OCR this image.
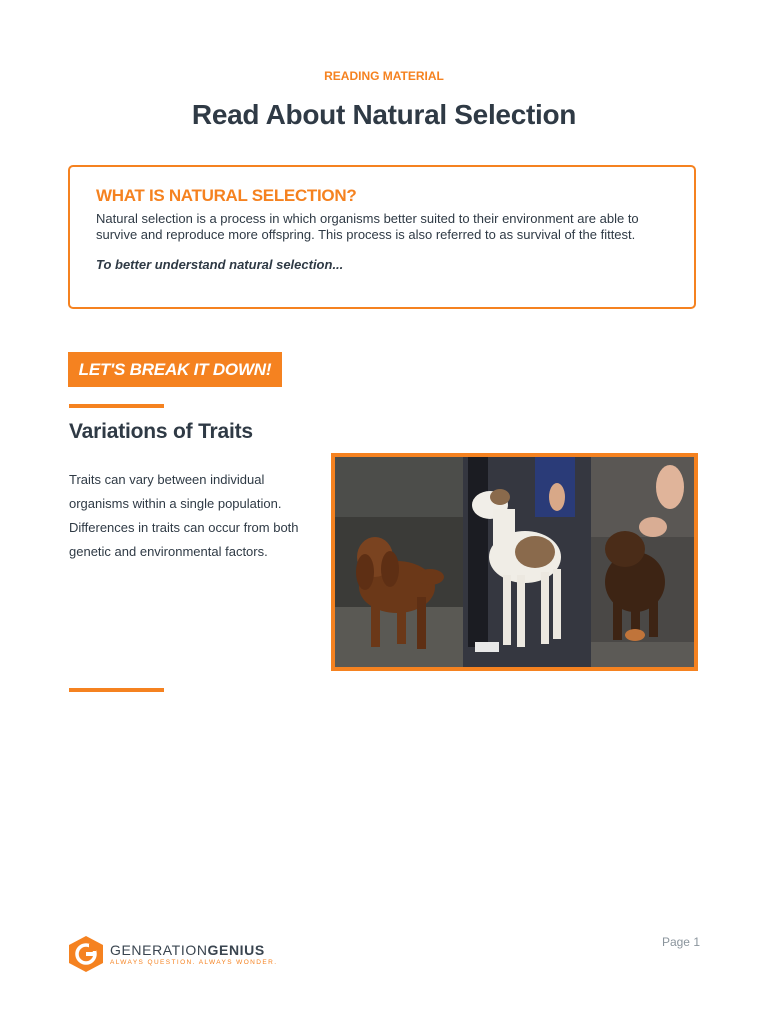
READING MATERIAL
Read About Natural Selection

WHAT IS NATURAL SELECTION?

Natural selection is a process in which organisms better suited to their environment are able to survive and reproduce more offspring. This process is also referred to as survival of the fittest.

To better understand natural selection...

LET'S BREAK IT DOWN!
Variations of Traits
Traits can vary between individual organisms within a single population. Differences in traits can occur from both genetic and environmental factors.
GENERATIONGENIUS
ALWAYS QUESTION. ALWAYS WONDER.
Page 1
